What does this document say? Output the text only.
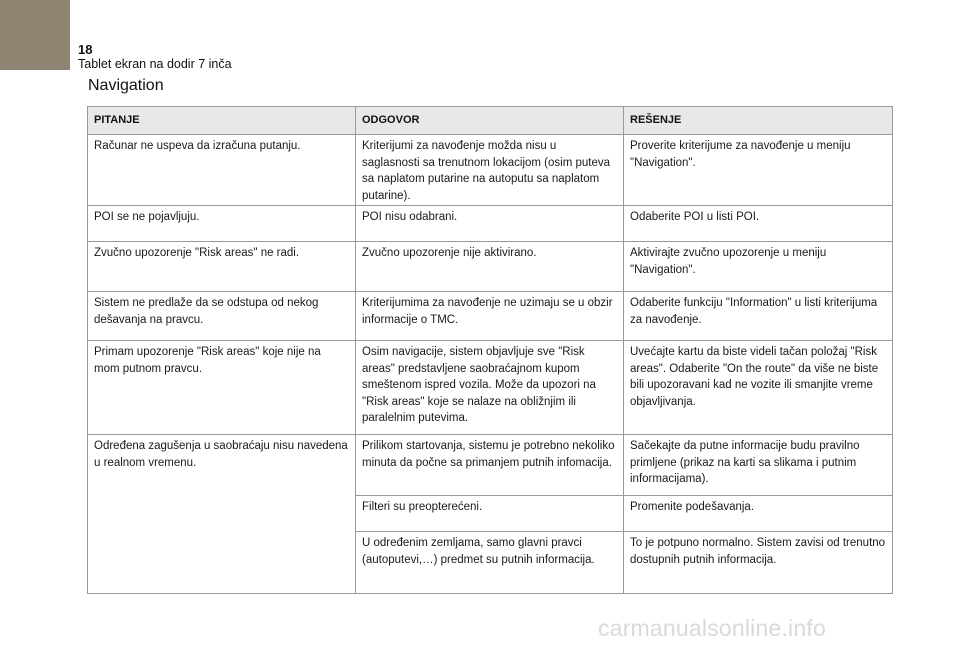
18
Tablet ekran na dodir 7 inča
Navigation
PITANJE	ODGOVOR	REŠENJE
Računar ne uspeva da izračuna putanju.	Kriterijumi za navođenje možda nisu u saglasnosti sa trenutnom lokacijom (osim puteva sa naplatom putarine na autoputu sa naplatom putarine).	Proverite kriterijume za navođenje u meniju "Navigation".
POI se ne pojavljuju.	POI nisu odabrani.	Odaberite POI u listi POI.
Zvučno upozorenje "Risk areas" ne radi.	Zvučno upozorenje nije aktivirano.	Aktivirajte zvučno upozorenje u meniju "Navigation".
Sistem ne predlaže da se odstupa od nekog dešavanja na pravcu.	Kriterijumima za navođenje ne uzimaju se u obzir informacije o TMC.	Odaberite funkciju "Information" u listi kriterijuma za navođenje.
Primam upozorenje "Risk areas" koje nije na mom putnom pravcu.	Osim navigacije, sistem objavljuje sve "Risk areas" predstavljene saobraćajnom kupom smeštenom ispred vozila. Može da upozori na "Risk areas" koje se nalaze na obližnjim ili paralelnim putevima.	Uvećajte kartu da biste videli tačan položaj "Risk areas". Odaberite "On the route" da više ne biste bili upozoravani kad ne vozite ili smanjite vreme objavljivanja.
Određena zagušenja u saobraćaju nisu navedena u realnom vremenu.	Prilikom startovanja, sistemu je potrebno nekoliko minuta da počne sa primanjem putnih infomacija.	Sačekajte da putne informacije budu pravilno primljene (prikaz na karti sa slikama i putnim informacijama).
	Filteri su preopterećeni.	Promenite podešavanja.
	U određenim zemljama, samo glavni pravci (autoputevi,…) predmet su putnih informacija.	To je potpuno normalno. Sistem zavisi od trenutno dostupnih putnih informacija.
carmanualsonline.info
